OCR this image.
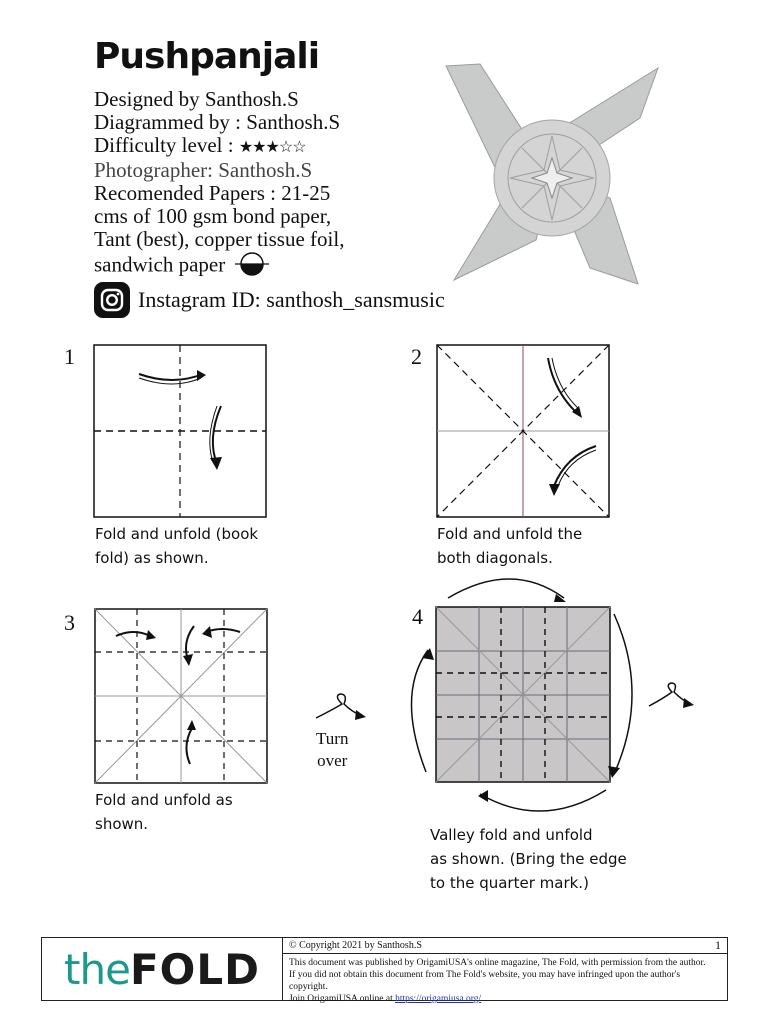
Pushpanjali
Designed by Santhosh.S
Diagrammed by : Santhosh.S
Difficulty level : ★★★☆☆
Photographer: Santhosh.S
Recomended Papers : 21-25
cms of 100 gsm bond paper,
Tant (best), copper tissue foil,
sandwich paper
Instagram ID: santhosh_sansmusic
1
Fold and unfold (book
fold) as shown.
2
Fold and unfold the
both diagonals.
3
Fold and unfold as
shown.
Turn
over
4
Valley fold and unfold
as shown. (Bring the edge
to the quarter mark.)
the FOLD	© Copyright 2021 by Santhosh.S	1
This document was published by OrigamiUSA's online magazine, The Fold, with permission from the author.
If you did not obtain this document from The Fold's website, you may have infringed upon the author's copyright.
Join OrigamiUSA online at https://origamiusa.org/
